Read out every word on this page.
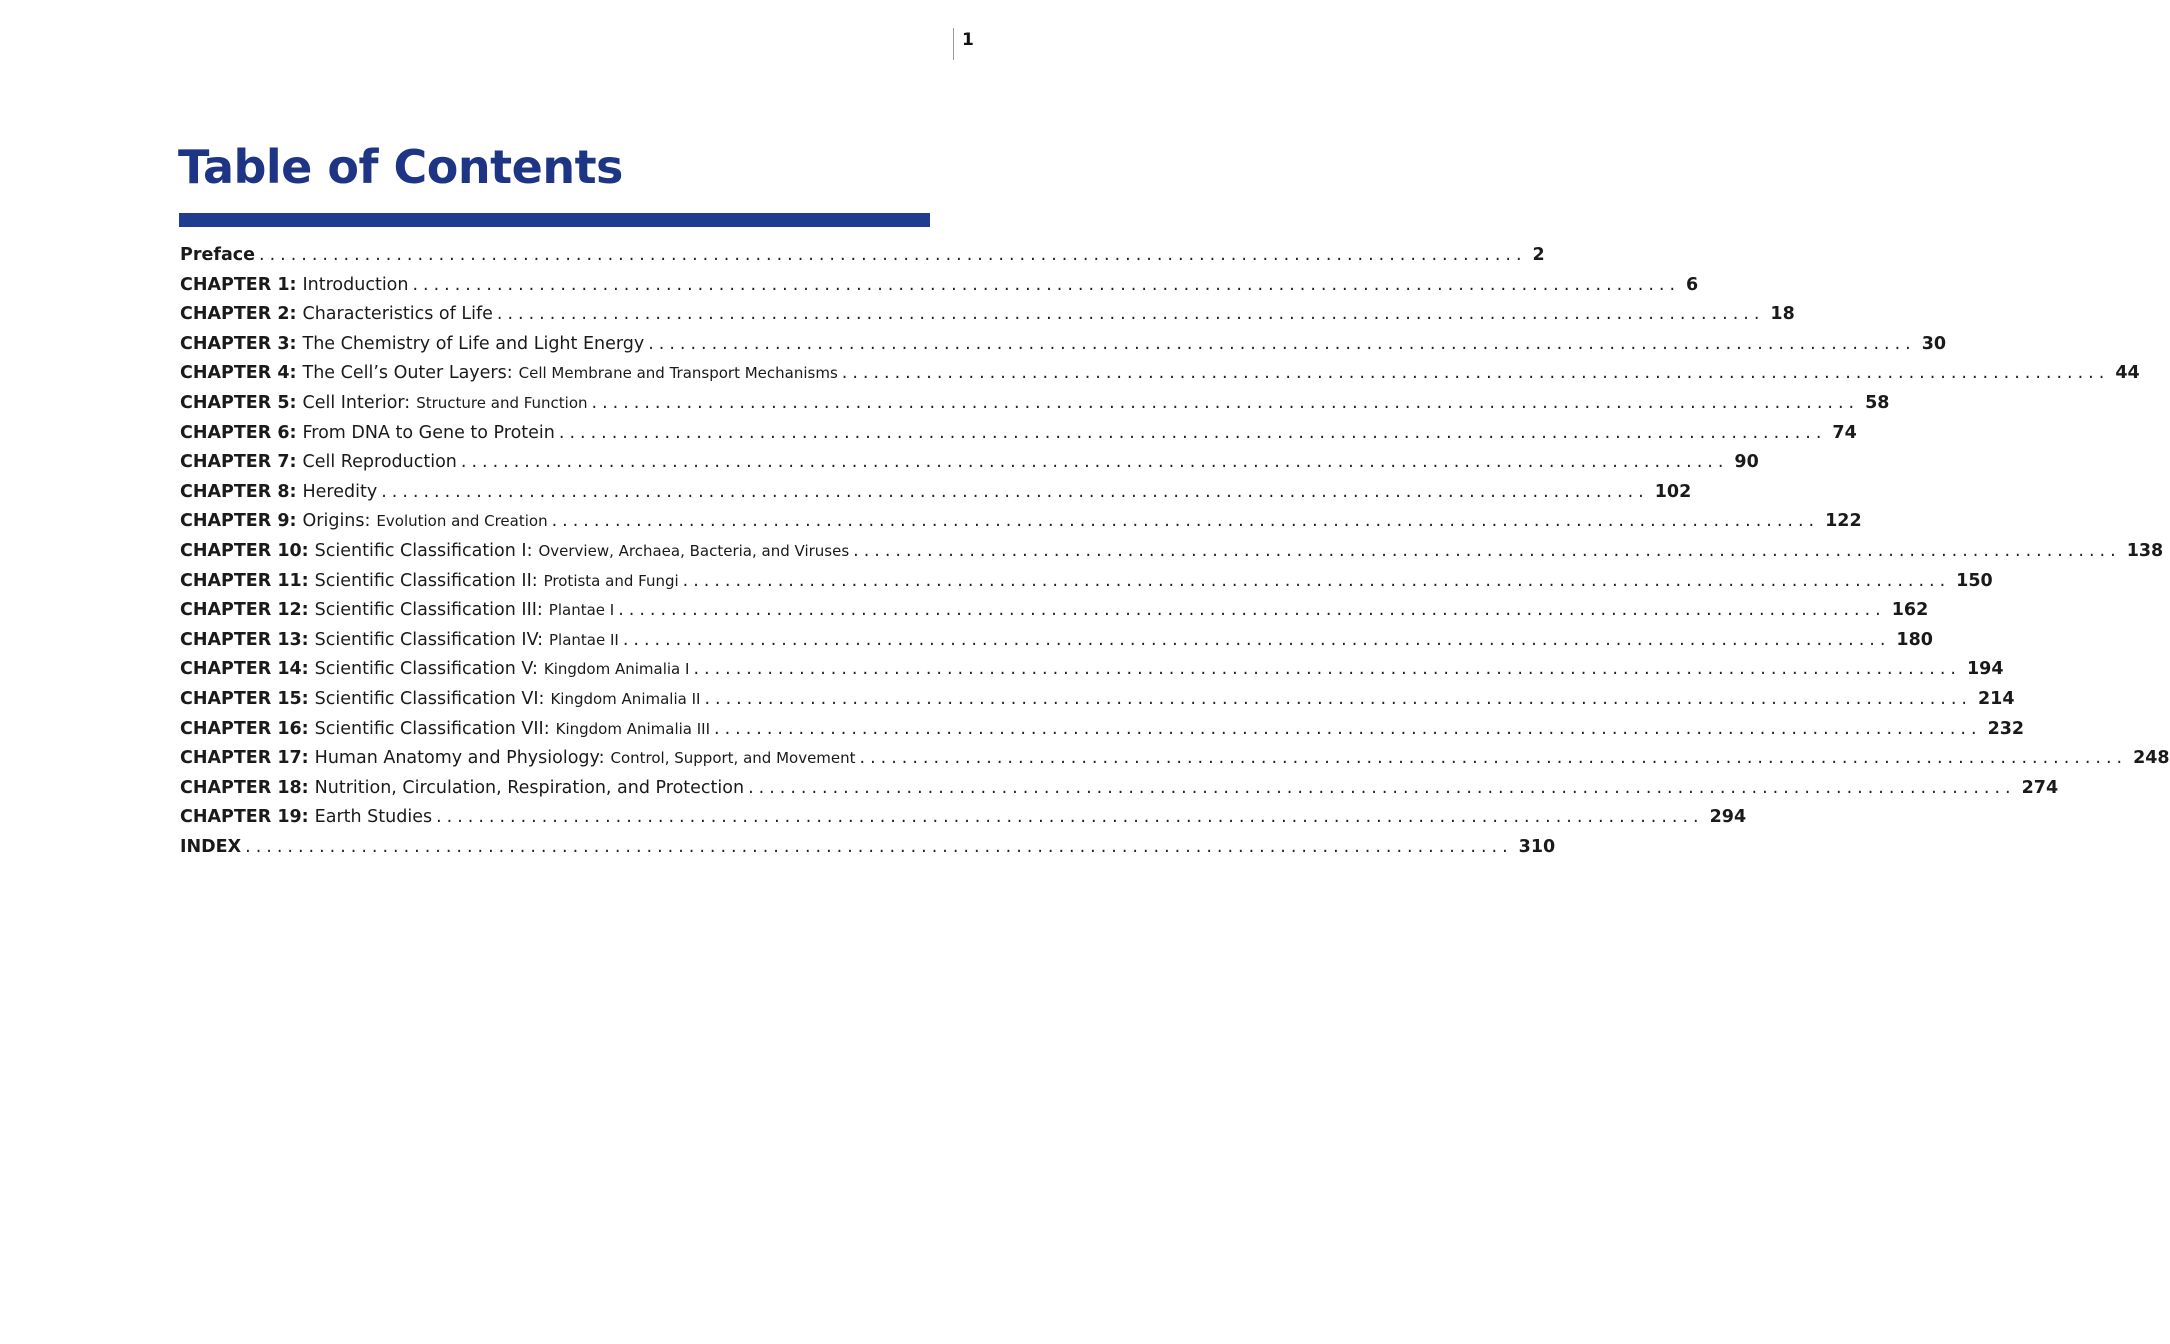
1
Table of Contents
Preface ........................................................................................................................ 2
CHAPTER 1: Introduction ........................................................................................................................ 6
CHAPTER 2: Characteristics of Life ........................................................................................................................ 18
CHAPTER 3: The Chemistry of Life and Light Energy ........................................................................................................................ 30
CHAPTER 4: The Cell’s Outer Layers: Cell Membrane and Transport Mechanisms ........................................................................................................................ 44
CHAPTER 5: Cell Interior: Structure and Function ........................................................................................................................ 58
CHAPTER 6: From DNA to Gene to Protein ........................................................................................................................ 74
CHAPTER 7: Cell Reproduction ........................................................................................................................ 90
CHAPTER 8: Heredity ........................................................................................................................ 102
CHAPTER 9: Origins: Evolution and Creation ........................................................................................................................ 122
CHAPTER 10: Scientific Classification I: Overview, Archaea, Bacteria, and Viruses ........................................................................................................................ 138
CHAPTER 11: Scientific Classification II: Protista and Fungi ........................................................................................................................ 150
CHAPTER 12: Scientific Classification III: Plantae I ........................................................................................................................ 162
CHAPTER 13: Scientific Classification IV: Plantae II ........................................................................................................................ 180
CHAPTER 14: Scientific Classification V: Kingdom Animalia I ........................................................................................................................ 194
CHAPTER 15: Scientific Classification VI: Kingdom Animalia II ........................................................................................................................ 214
CHAPTER 16: Scientific Classification VII: Kingdom Animalia III ........................................................................................................................ 232
CHAPTER 17: Human Anatomy and Physiology: Control, Support, and Movement ........................................................................................................................ 248
CHAPTER 18: Nutrition, Circulation, Respiration, and Protection ........................................................................................................................ 274
CHAPTER 19: Earth Studies ........................................................................................................................ 294
INDEX ........................................................................................................................ 310
